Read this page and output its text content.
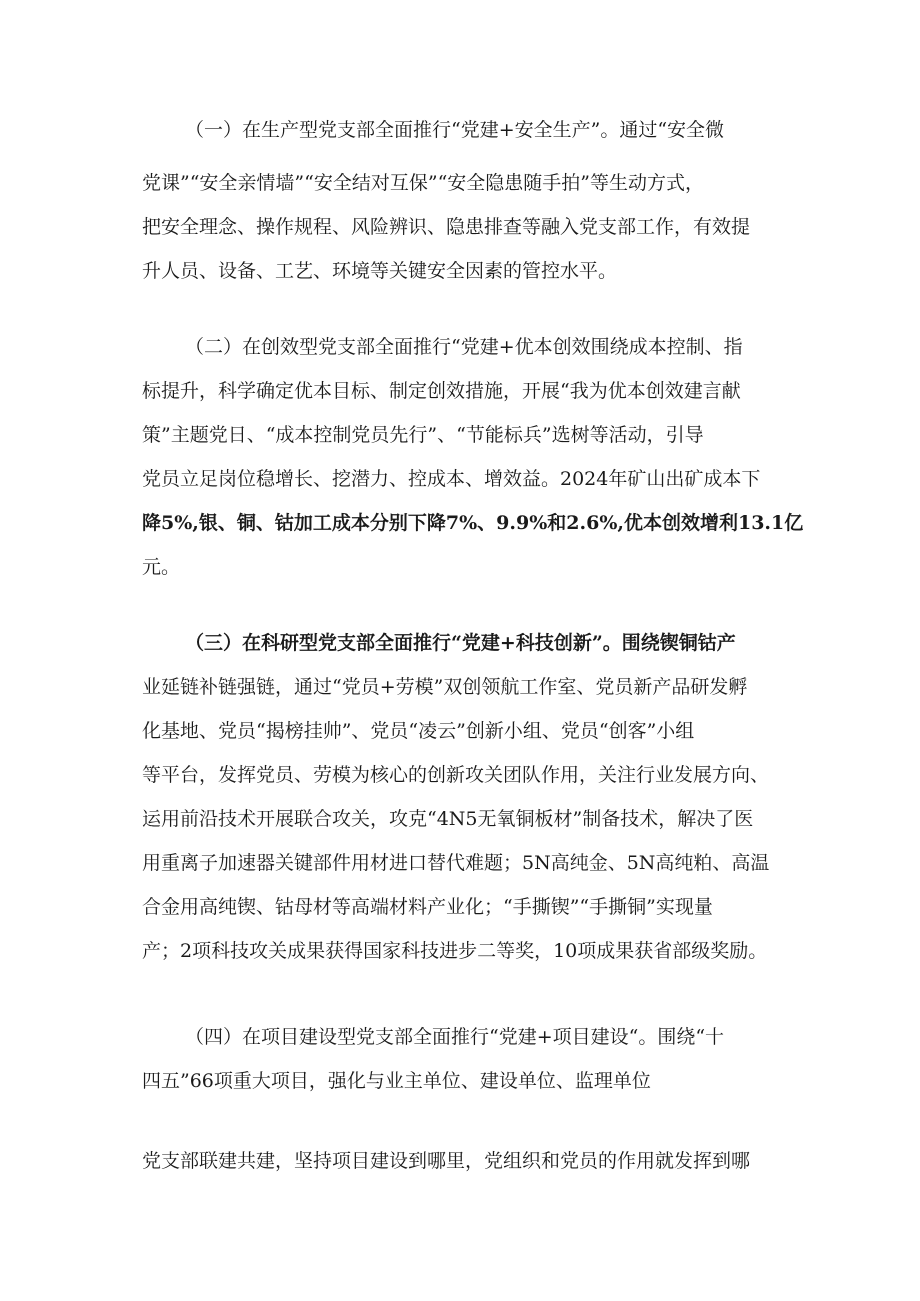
（一）在生产型党支部全面推行“党建+安全生产”。通过“安全微
党课”“安全亲情墙”“安全结对互保”“安全隐患随手拍”等生动方式，
把安全理念、操作规程、风险辨识、隐患排查等融入党支部工作，有效提
升人员、设备、工艺、环境等关键安全因素的管控水平。
（二）在创效型党支部全面推行“党建+优本创效围绕成本控制、指
标提升，科学确定优本目标、制定创效措施，开展“我为优本创效建言献
策”主题党日、“成本控制党员先行”、“节能标兵”选树等活动，引导
党员立足岗位稳增长、挖潜力、控成本、增效益。2024年矿山出矿成本下
降5%,银、铜、钴加工成本分别下降7%、9.9%和2.6%,优本创效增利13.1亿
元。
（三）在科研型党支部全面推行“党建+科技创新”。围绕锲铜钴产
业延链补链强链，通过“党员+劳模”双创领航工作室、党员新产品研发孵
化基地、党员“揭榜挂帅”、党员“凌云”创新小组、党员“创客”小组
等平台，发挥党员、劳模为核心的创新攻关团队作用，关注行业发展方向、
运用前沿技术开展联合攻关，攻克“4N5无氧铜板材”制备技术，解决了医
用重离子加速器关键部件用材进口替代难题；5N高纯金、5N高纯粕、高温
合金用高纯锲、钴母材等高端材料产业化；“手撕锲”“手撕铜”实现量
产；2项科技攻关成果获得国家科技进步二等奖，10项成果获省部级奖励。
（四）在项目建设型党支部全面推行“党建+项目建设“。围绕“十
四五”66项重大项目，强化与业主单位、建设单位、监理单位
党支部联建共建，坚持项目建设到哪里，党组织和党员的作用就发挥到哪
